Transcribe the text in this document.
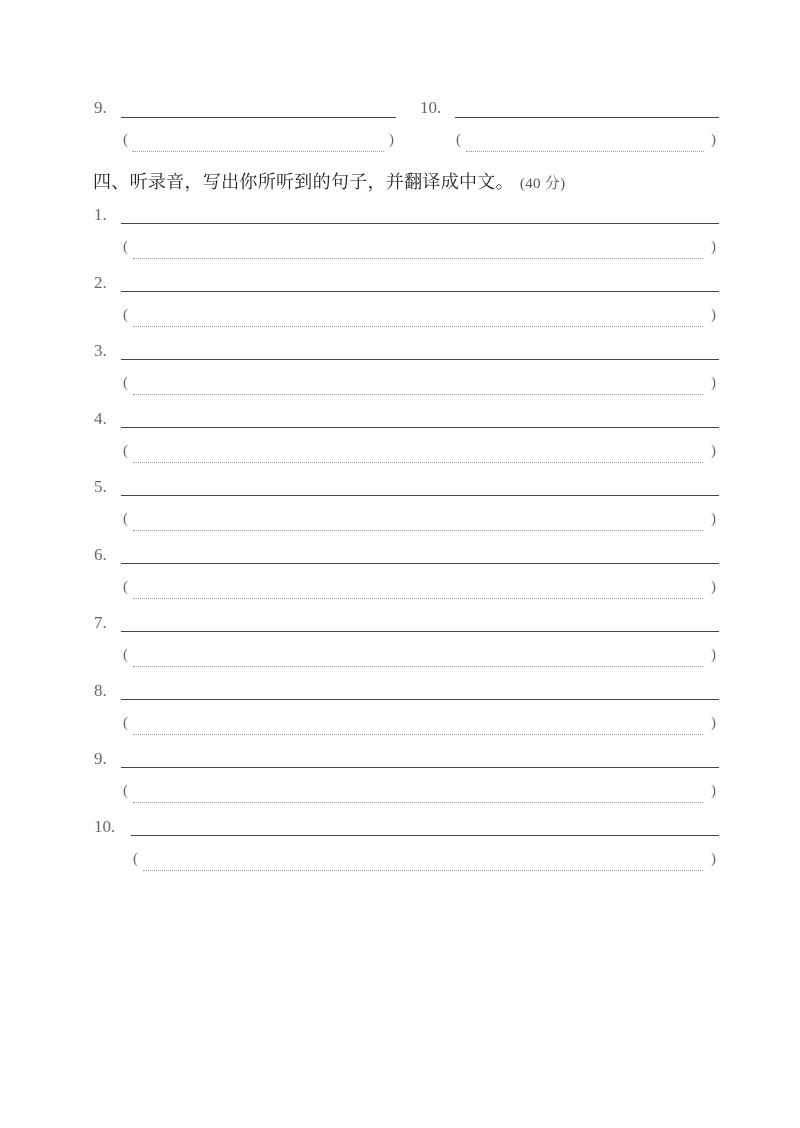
9.
(	)
10.
(	)
四、听录音，写出你所听到的句子，并翻译成中文。 (40 分)
1.
(	)
2.
(	)
3.
(	)
4.
(	)
5.
(	)
6.
(	)
7.
(	)
8.
(	)
9.
(	)
10.
(	)
